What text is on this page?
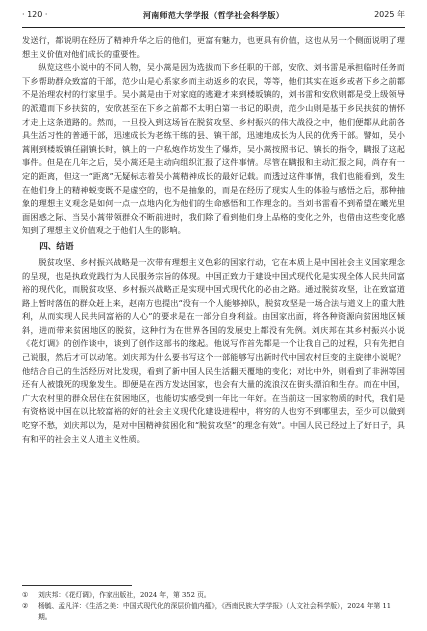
· 120 ·	河南师范大学学报（哲学社会科学版）	2025 年

发送行，都说明在经历了精神升华之后的他们，更富有魅力，也更具有价值，这也从另一个侧面说明了理想主义价值对他们成长的重要性。

纵览这些小说中的不同人物，吴小蒿是因为选拔而下乡任职的干部，安欣、刘书雷是承担临时任务而下乡帮助群众致富的干部，范少山是心系家乡而主动返乡的农民，等等，他们其实在返乡或者下乡之前都不是治理农村的行家里手。吴小蒿是由于对家庭的逃避才来到楼坂镇的，刘书雷和安欣则都是受上级领导的派遣而下乡扶贫的，安欣甚至在下乡之前都不太明白第一书记的职责，范少山则是基于乡民扶贫的情怀才走上这条道路的。然而，一旦投入到这场旨在脱贫攻坚、乡村振兴的伟大战役之中，他们便都从此前各具生活习性的普通干部，迅速成长为老练干练的县、镇干部，迅速地成长为人民的优秀干部。譬如，吴小蒿刚到楼坂镇任副镇长时，镇上的一户私炮作坊发生了爆炸，吴小蒿按照书记、镇长的指令，瞒报了这起事件。但是在几年之后，吴小蒿还是主动向组织汇报了这件事情。尽管在瞒报和主动汇报之间，尚存有一定的距离，但这一“距离”无疑标志着吴小蒿精神成长的最好记载。而透过这件事情，我们也能看到，发生在他们身上的精神蜕变既不是虚空的，也不是抽象的，而是在经历了现实人生的体验与感悟之后，那种抽象的理想主义观念是如何一点一点地内化为他们的生命感悟和工作理念的。当刘书雷看不到希望在曦光里面困惑之际、当吴小蒿带领群众不断前进时，我们除了看到他们身上品格的变化之外，也借由这些变化感知到了理想主义价值观之于他们人生的影响。

四、结语

脱贫攻坚、乡村振兴战略是一次带有理想主义色彩的国家行动，它在本质上是中国社会主义国家理念的呈现，也是执政党践行为人民服务宗旨的体现。中国正致力于建设中国式现代化是实现全体人民共同富裕的现代化，而脱贫攻坚、乡村振兴战略正是实现中国式现代化的必由之路。通过脱贫攻坚，让在致富道路上暂时落伍的群众赶上来，赵南方也提出“没有一个人能够掉队，脱贫攻坚是一场合法与道义上的重大胜利，从而实现人民共同富裕的人心”的要求是在一部分自身利益。由国家出面，将各种资源向贫困地区倾斜，进而带来贫困地区的脱贫，这种行为在世界各国的发展史上都没有先例。刘庆邦在其乡村振兴小说《花灯调》的创作谈中，谈到了创作这部书的缘起。他说写作首先都是一个让我自己的过程，只有先把自己说服，然后才可以动笔。刘庆邦为什么要书写这个一部能够写出新时代中国农村巨变的主旋律小说呢？他结合自己的生活经历对比发现，看到了新中国人民生活翻天覆地的变化；对比中外，则看到了非洲等国还有人被饿死的现象发生。即便是在西方发达国家，也会有大量的流浪汉在街头漂泊和生存。而在中国，广大农村里的群众居住在贫困地区，也能切实感受到一年比一年好。在当前这一国家物质的时代，我们是有资格说中国在以比较富裕的好的社会主义现代化建设进程中，将穷的人也穷不到哪里去，至少可以做到吃穿不愁，刘庆邦以为，是对中国精神贫困化和“脱贫攻坚”的理念有效”。中国人民已经过上了好日子，具有和平的社会主义人道主义性质。

①	刘庆邦：《花灯调》，作家出版社，2024 年，第 352 页。
②	杨毓、孟凡洋：《生活之美：中国式现代化的深层价值内蕴》，《西南民族大学学报》（人文社会科学版），2024 年第 11 期。
